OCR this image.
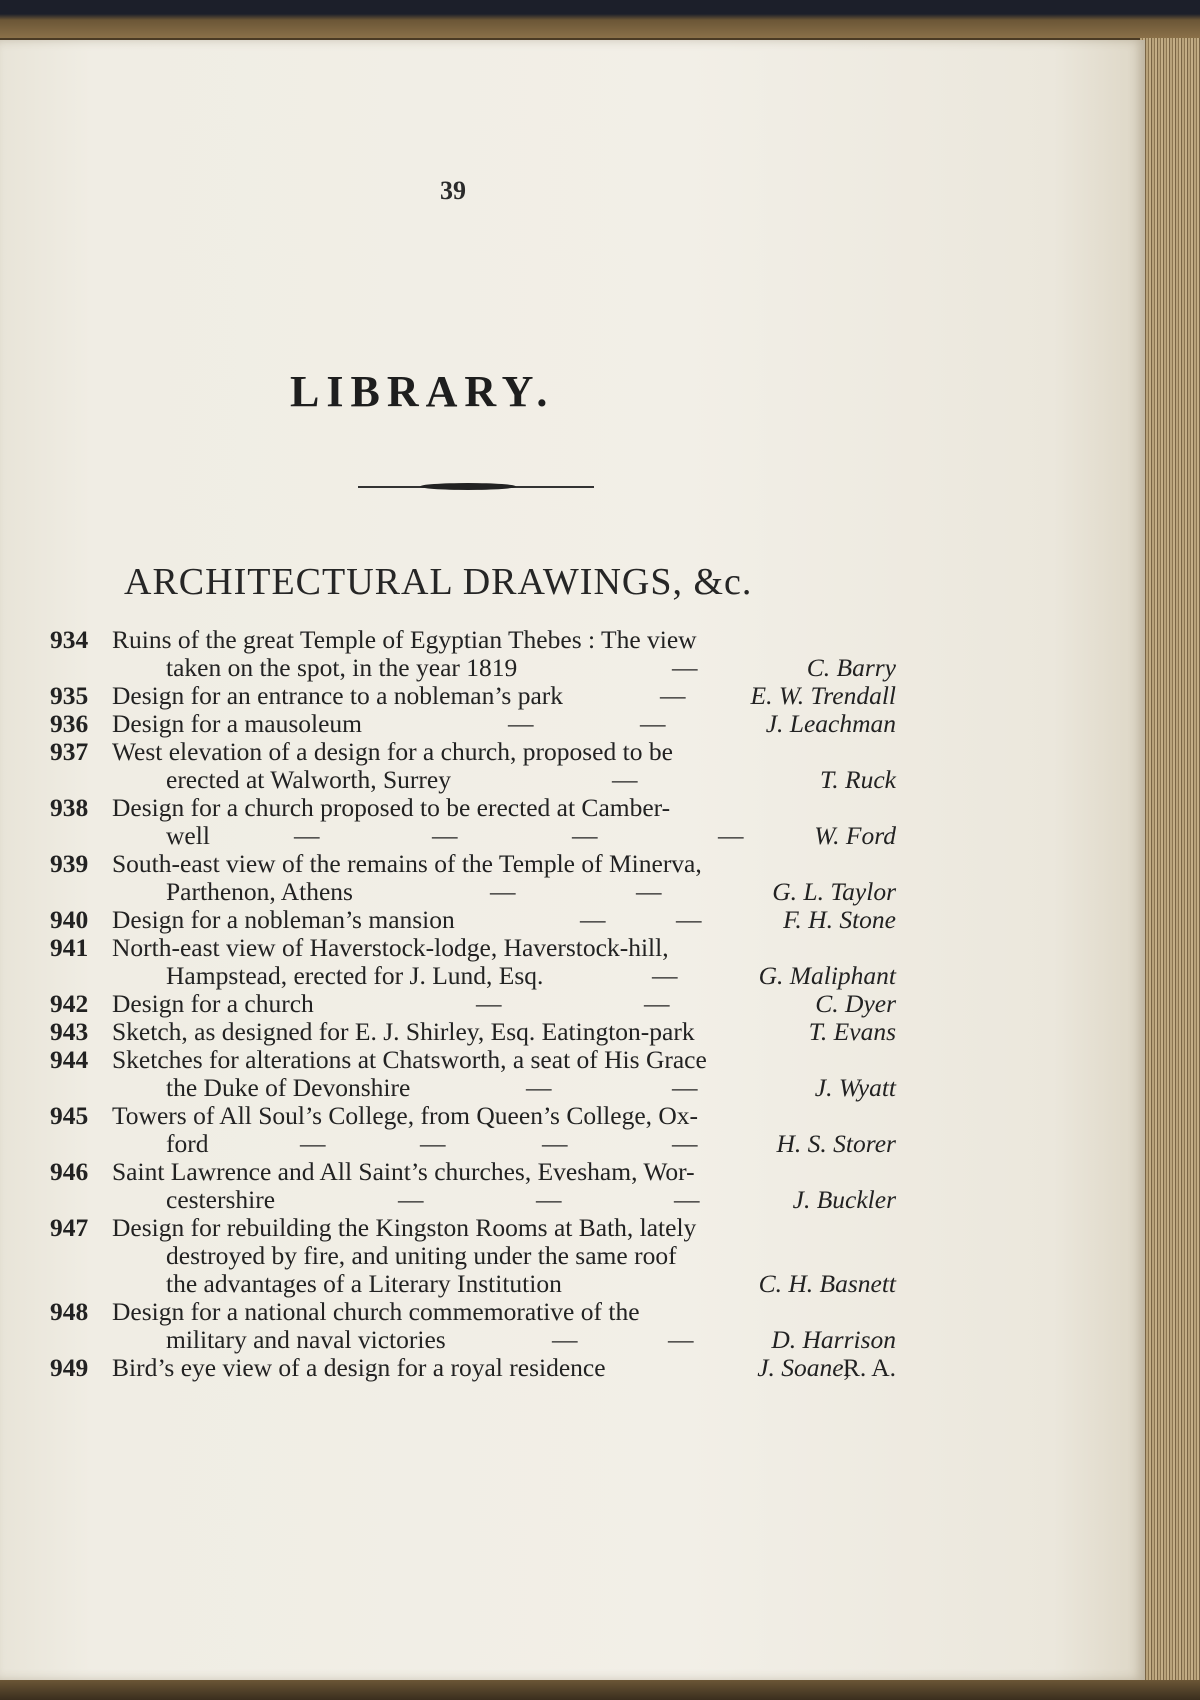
39
LIBRARY.
ARCHITECTURAL DRAWINGS, &c.
934 Ruins of the great Temple of Egyptian Thebes : The view
taken on the spot, in the year 1819	—	C. Barry
935 Design for an entrance to a nobleman’s park	—	E. W. Trendall
936 Design for a mausoleum	—	—	J. Leachman
937 West elevation of a design for a church, proposed to be
erected at Walworth, Surrey	—	T. Ruck
938 Design for a church proposed to be erected at Camber-
well	—	—	—	—	W. Ford
939 South-east view of the remains of the Temple of Minerva,
Parthenon, Athens	—	—	G. L. Taylor
940 Design for a nobleman’s mansion	—	—	F. H. Stone
941 North-east view of Haverstock-lodge, Haverstock-hill,
Hampstead, erected for J. Lund, Esq.	—	G. Maliphant
942 Design for a church	—	—	C. Dyer
943 Sketch, as designed for E. J. Shirley, Esq. Eatington-park	T. Evans
944 Sketches for alterations at Chatsworth, a seat of His Grace
the Duke of Devonshire	—	—	J. Wyatt
945 Towers of All Soul’s College, from Queen’s College, Ox-
ford	—	—	—	—	H. S. Storer
946 Saint Lawrence and All Saint’s churches, Evesham, Wor-
cestershire	—	—	—	J. Buckler
947 Design for rebuilding the Kingston Rooms at Bath, lately
destroyed by fire, and uniting under the same roof
the advantages of a Literary Institution	C. H. Basnett
948 Design for a national church commemorative of the
military and naval victories	—	—	D. Harrison
949 Bird’s eye view of a design for a royal residence	J. Soane,
R. A.
